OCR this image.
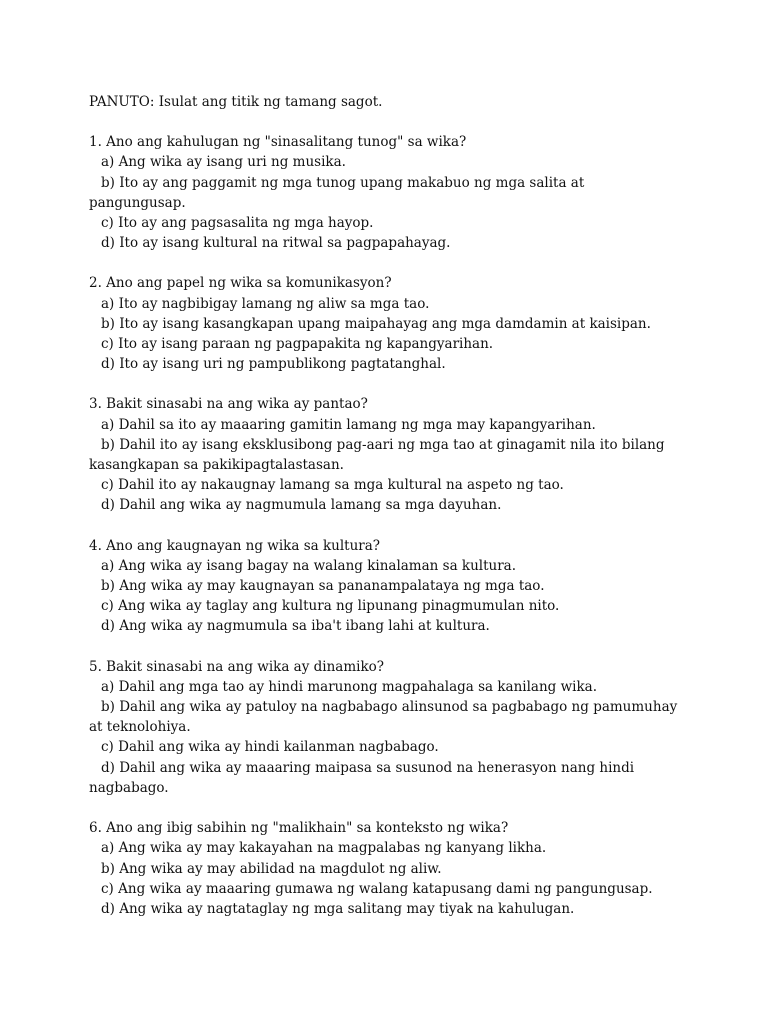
PANUTO: Isulat ang titik ng tamang sagot.

1. Ano ang kahulugan ng "sinasalitang tunog" sa wika?

a) Ang wika ay isang uri ng musika.

b) Ito ay ang paggamit ng mga tunog upang makabuo ng mga salita at pangungusap.

c) Ito ay ang pagsasalita ng mga hayop.

d) Ito ay isang kultural na ritwal sa pagpapahayag.

2. Ano ang papel ng wika sa komunikasyon?

a) Ito ay nagbibigay lamang ng aliw sa mga tao.

b) Ito ay isang kasangkapan upang maipahayag ang mga damdamin at kaisipan.

c) Ito ay isang paraan ng pagpapakita ng kapangyarihan.

d) Ito ay isang uri ng pampublikong pagtatanghal.

3. Bakit sinasabi na ang wika ay pantao?

a) Dahil sa ito ay maaaring gamitin lamang ng mga may kapangyarihan.

b) Dahil ito ay isang eksklusibong pag-aari ng mga tao at ginagamit nila ito bilang kasangkapan sa pakikipagtalastasan.

c) Dahil ito ay nakaugnay lamang sa mga kultural na aspeto ng tao.

d) Dahil ang wika ay nagmumula lamang sa mga dayuhan.

4. Ano ang kaugnayan ng wika sa kultura?

a) Ang wika ay isang bagay na walang kinalaman sa kultura.

b) Ang wika ay may kaugnayan sa pananampalataya ng mga tao.

c) Ang wika ay taglay ang kultura ng lipunang pinagmumulan nito.

d) Ang wika ay nagmumula sa iba't ibang lahi at kultura.

5. Bakit sinasabi na ang wika ay dinamiko?

a) Dahil ang mga tao ay hindi marunong magpahalaga sa kanilang wika.

b) Dahil ang wika ay patuloy na nagbabago alinsunod sa pagbabago ng pamumuhay at teknolohiya.

c) Dahil ang wika ay hindi kailanman nagbabago.

d) Dahil ang wika ay maaaring maipasa sa susunod na henerasyon nang hindi nagbabago.

6. Ano ang ibig sabihin ng "malikhain" sa konteksto ng wika?

a) Ang wika ay may kakayahan na magpalabas ng kanyang likha.

b) Ang wika ay may abilidad na magdulot ng aliw.

c) Ang wika ay maaaring gumawa ng walang katapusang dami ng pangungusap.

d) Ang wika ay nagtataglay ng mga salitang may tiyak na kahulugan.
